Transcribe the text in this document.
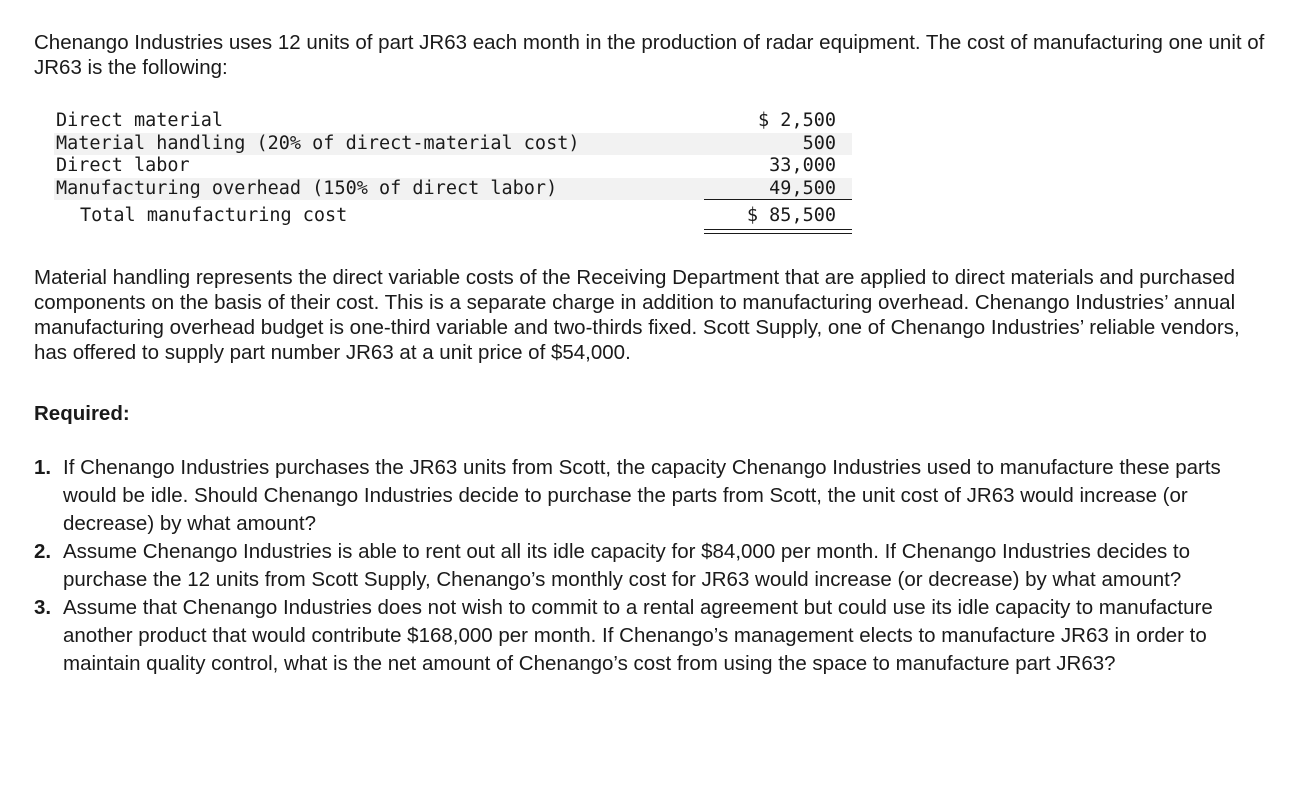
Chenango Industries uses 12 units of part JR63 each month in the production of radar equipment. The cost of manufacturing one unit of JR63 is the following:

Direct material	$ 2,500
Material handling (20% of direct-material cost)	500
Direct labor	33,000
Manufacturing overhead (150% of direct labor)	49,500
Total manufacturing cost	$ 85,500

Material handling represents the direct variable costs of the Receiving Department that are applied to direct materials and purchased components on the basis of their cost. This is a separate charge in addition to manufacturing overhead. Chenango Industries’ annual manufacturing overhead budget is one-third variable and two-thirds fixed. Scott Supply, one of Chenango Industries’ reliable vendors, has offered to supply part number JR63 at a unit price of $54,000.

Required:
1. If Chenango Industries purchases the JR63 units from Scott, the capacity Chenango Industries used to manufacture these parts would be idle. Should Chenango Industries decide to purchase the parts from Scott, the unit cost of JR63 would increase (or decrease) by what amount?
2. Assume Chenango Industries is able to rent out all its idle capacity for $84,000 per month. If Chenango Industries decides to purchase the 12 units from Scott Supply, Chenango’s monthly cost for JR63 would increase (or decrease) by what amount?
3. Assume that Chenango Industries does not wish to commit to a rental agreement but could use its idle capacity to manufacture another product that would contribute $168,000 per month. If Chenango’s management elects to manufacture JR63 in order to maintain quality control, what is the net amount of Chenango’s cost from using the space to manufacture part JR63?
